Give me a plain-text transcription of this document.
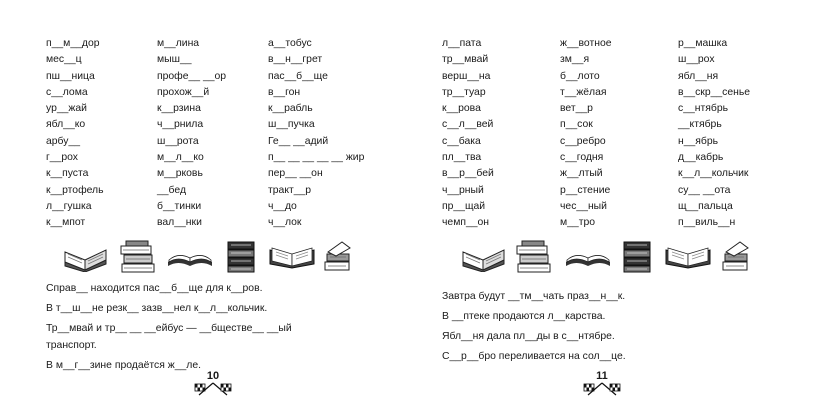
п__м__дор
мес__ц
пш__ница
с__лома
ур__жай
ябл__ко
арбу__
г__рох
к__пуста
к__ртофель
л__гушка
к__мпот
м__лина
мыш__
профе__ __ор
прохож__й
к__рзина
ч__рнила
ш__рота
м__л__ко
м__рковь
__бед
б__тинки
вал__нки
а__тобус
в__н__грет
пас__б__ще
в__гон
к__рабль
ш__пучка
Ге__ __адий
п__ __ __ __ __ жир
пер__ __он
тракт__р
ч__до
ч__лок
Справ__ находится пас__б__ще для к__ров.
В т__ш__не резк__ зазв__нел к__л__кольчик.
Тр__мвай и тр__ __ __ейбус — __бществе__ __ый транспорт.
В м__г__зине продаётся ж__ле.
10
л__пата
тр__мвай
верш__на
тр__туар
к__рова
с__л__вей
с__бака
пл__тва
в__р__бей
ч__рный
пр__щай
чемп__он
ж__вотное
зм__я
б__лото
т__жёлая
вет__р
п__сок
с__ребро
с__годня
ж__лтый
р__стение
чес__ный
м__тро
р__машка
ш__рох
ябл__ня
в__скр__сенье
с__нтябрь
__ктябрь
н__ябрь
д__кабрь
к__л__кольчик
су__ __ота
щ__пальца
п__виль__н
Завтра будут __тм__чать праз__н__к.
В __птеке продаются л__карства.
Ябл__ня дала пл__ды в с__нтябре.
С__р__бро переливается на сол__це.
11
